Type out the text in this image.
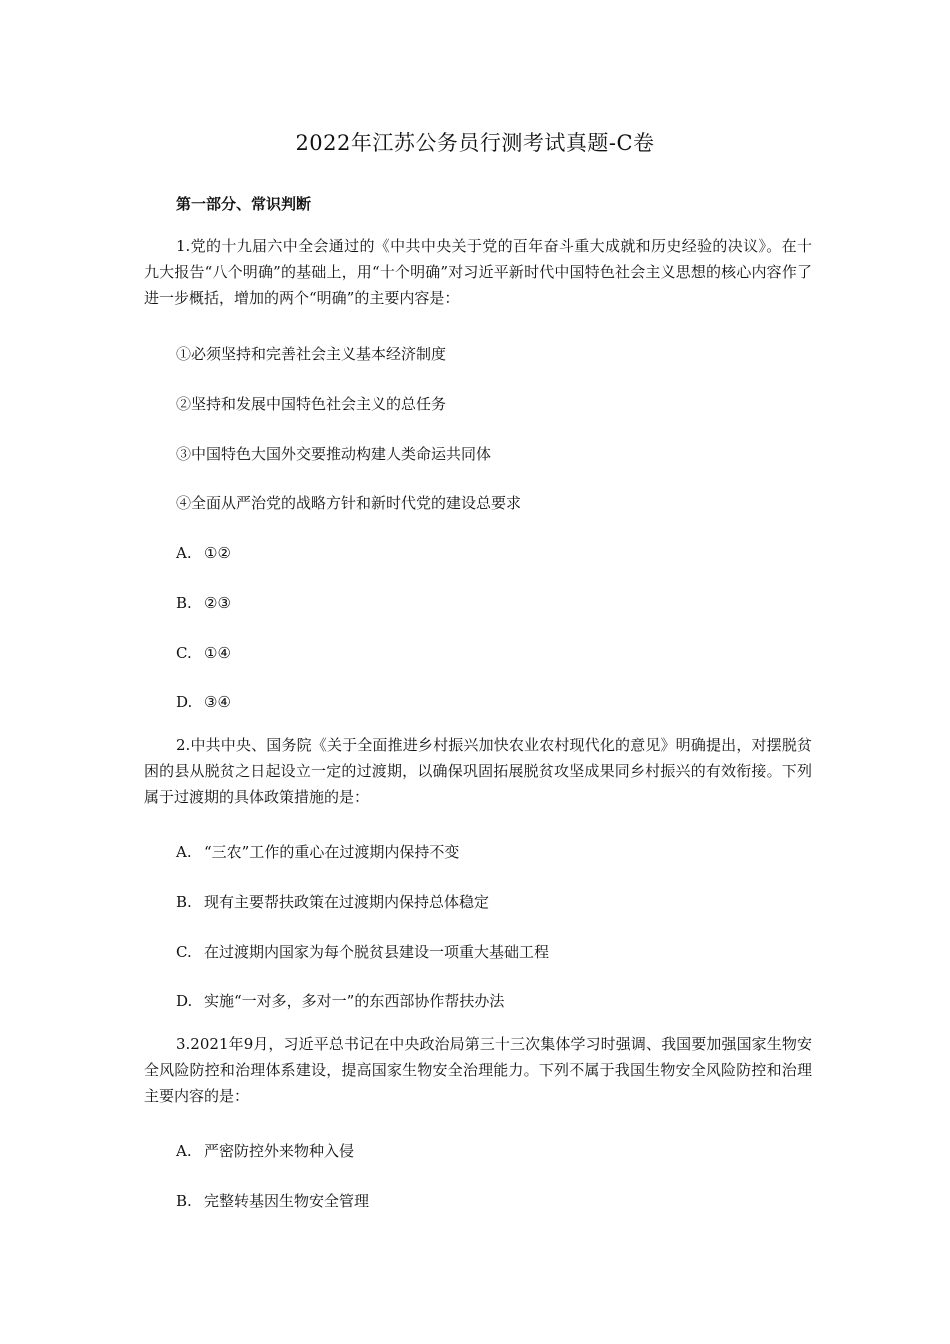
2022年江苏公务员行测考试真题-C卷
第一部分、常识判断
1.党的十九届六中全会通过的《中共中央关于党的百年奋斗重大成就和历史经验的决议》。在十九大报告“八个明确”的基础上，用“十个明确”对习近平新时代中国特色社会主义思想的核心内容作了进一步概括，增加的两个“明确”的主要内容是：
①必须坚持和完善社会主义基本经济制度
②坚持和发展中国特色社会主义的总任务
③中国特色大国外交要推动构建人类命运共同体
④全面从严治党的战略方针和新时代党的建设总要求
A. ①②
B. ②③
C. ①④
D. ③④
2.中共中央、国务院《关于全面推进乡村振兴加快农业农村现代化的意见》明确提出，对摆脱贫困的县从脱贫之日起设立一定的过渡期，以确保巩固拓展脱贫攻坚成果同乡村振兴的有效衔接。下列属于过渡期的具体政策措施的是：
A. “三农”工作的重心在过渡期内保持不变
B. 现有主要帮扶政策在过渡期内保持总体稳定
C. 在过渡期内国家为每个脱贫县建设一项重大基础工程
D. 实施“一对多，多对一”的东西部协作帮扶办法
3.2021年9月，习近平总书记在中央政治局第三十三次集体学习时强调、我国要加强国家生物安全风险防控和治理体系建设，提高国家生物安全治理能力。下列不属于我国生物安全风险防控和治理主要内容的是：
A. 严密防控外来物种入侵
B. 完整转基因生物安全管理
